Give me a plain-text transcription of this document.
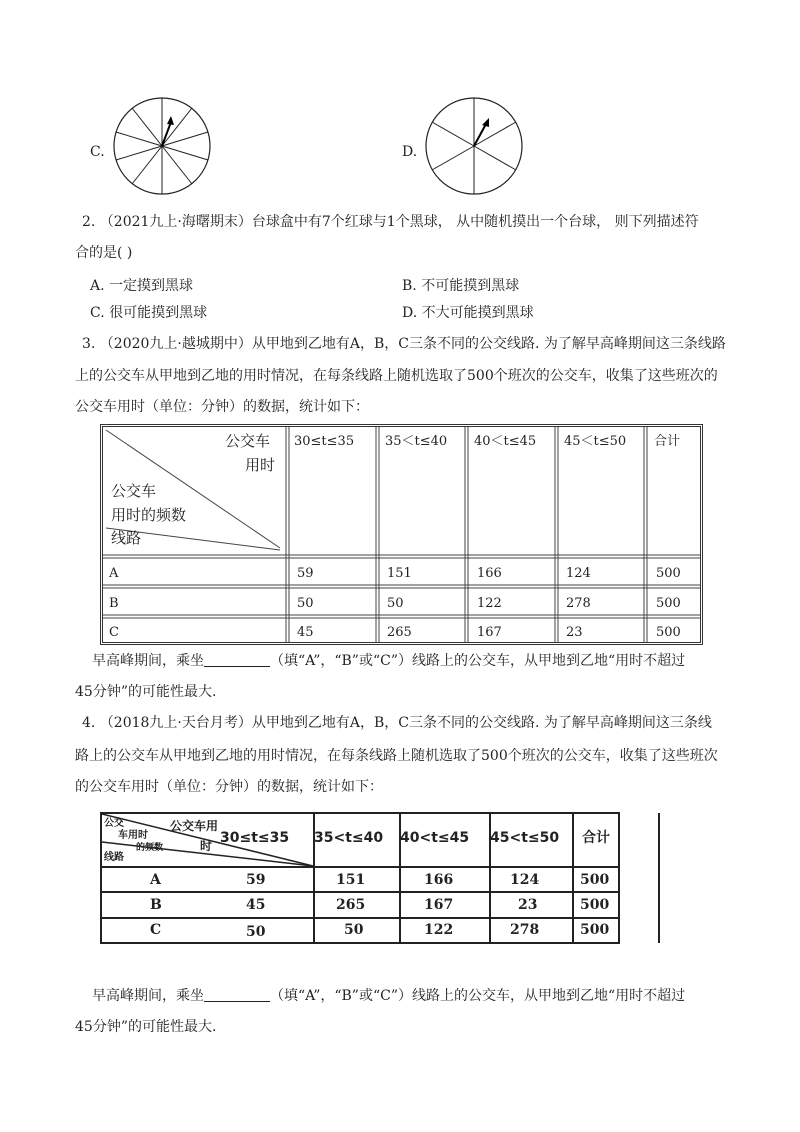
C.	D.
2. （2021九上·海曙期末）台球盒中有7个红球与1个黑球， 从中随机摸出一个台球， 则下列描述符
合的是( )
A. 一定摸到黑球	B. 不可能摸到黑球
C. 很可能摸到黑球	D. 不大可能摸到黑球
3. （2020九上·越城期中）从甲地到乙地有A，B，C三条不同的公交线路. 为了解早高峰期间这三条线路
上的公交车从甲地到乙地的用时情况，在每条线路上随机选取了500个班次的公交车，收集了这些班次的
公交车用时（单位：分钟）的数据，统计如下：
公交车
用时
公交车
用时的频数
线路
30≤t≤35 35＜t≤40 40＜t≤45 45＜t≤50 合计
A	59	151	166	124	500
B	50	50	122	278	500
C	45	265	167	23	500
早高峰期间，乘坐	（填“A”，“B”或“C”）线路上的公交车，从甲地到乙地“用时不超过
45分钟”的可能性最大.
4. （2018九上·天台月考）从甲地到乙地有A，B，C三条不同的公交线路. 为了解早高峰期间这三条线
路上的公交车从甲地到乙地的用时情况，在每条线路上随机选取了500个班次的公交车，收集了这些班次
的公交车用时（单位：分钟）的数据，统计如下：
公交车用
时
公交
车用时
的频数
线路
30≤t≤35 35<t≤40 40<t≤45 45<t≤50 合计
A	59	151	166	124	500
B	45	265	167	23	500
C	50	50	122	278	500
早高峰期间，乘坐	（填“A”，“B”或“C”）线路上的公交车，从甲地到乙地“用时不超过
45分钟”的可能性最大.
